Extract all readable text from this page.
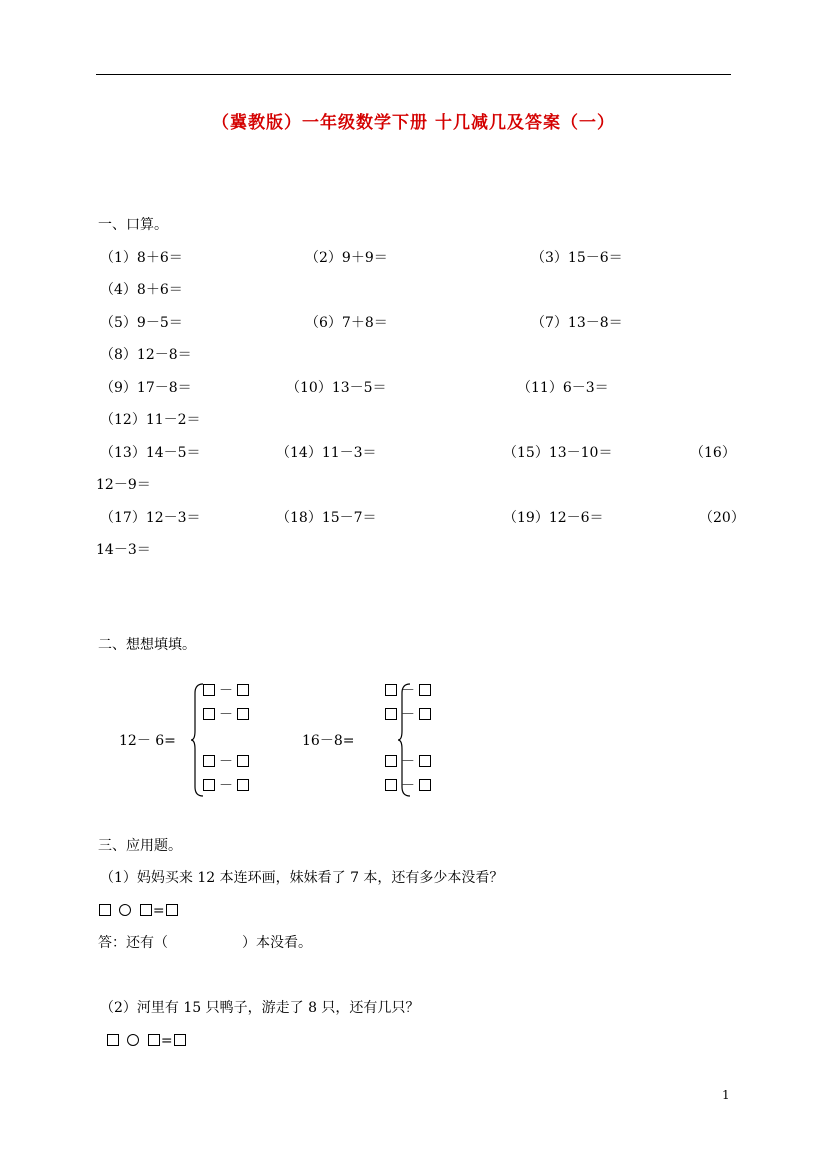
（冀教版）一年级数学下册 十几减几及答案（一）
一、口算。
（1）8＋6＝	（2）9＋9＝	（3）15－6＝
（4）8＋6＝
（5）9－5＝	（6）7＋8＝	（7）13－8＝
（8）12－8＝
（9）17－8＝	（10）13－5＝	（11）6－3＝
（12）11－2＝
（13）14－5＝	（14）11－3＝	（15）13－10＝	（16）
12－9＝
（17）12－3＝	（18）15－7＝	（19）12－6＝	（20）
14－3＝
二、想想填填。
12－ 6=
－
－
－
－
16－8=
－
－
－
－
三、应用题。
（1）妈妈买来 12 本连环画，妹妹看了 7 本，还有多少本没看？
=
答：还有（	）本没看。
（2）河里有 15 只鸭子，游走了 8 只，还有几只？
=
1
